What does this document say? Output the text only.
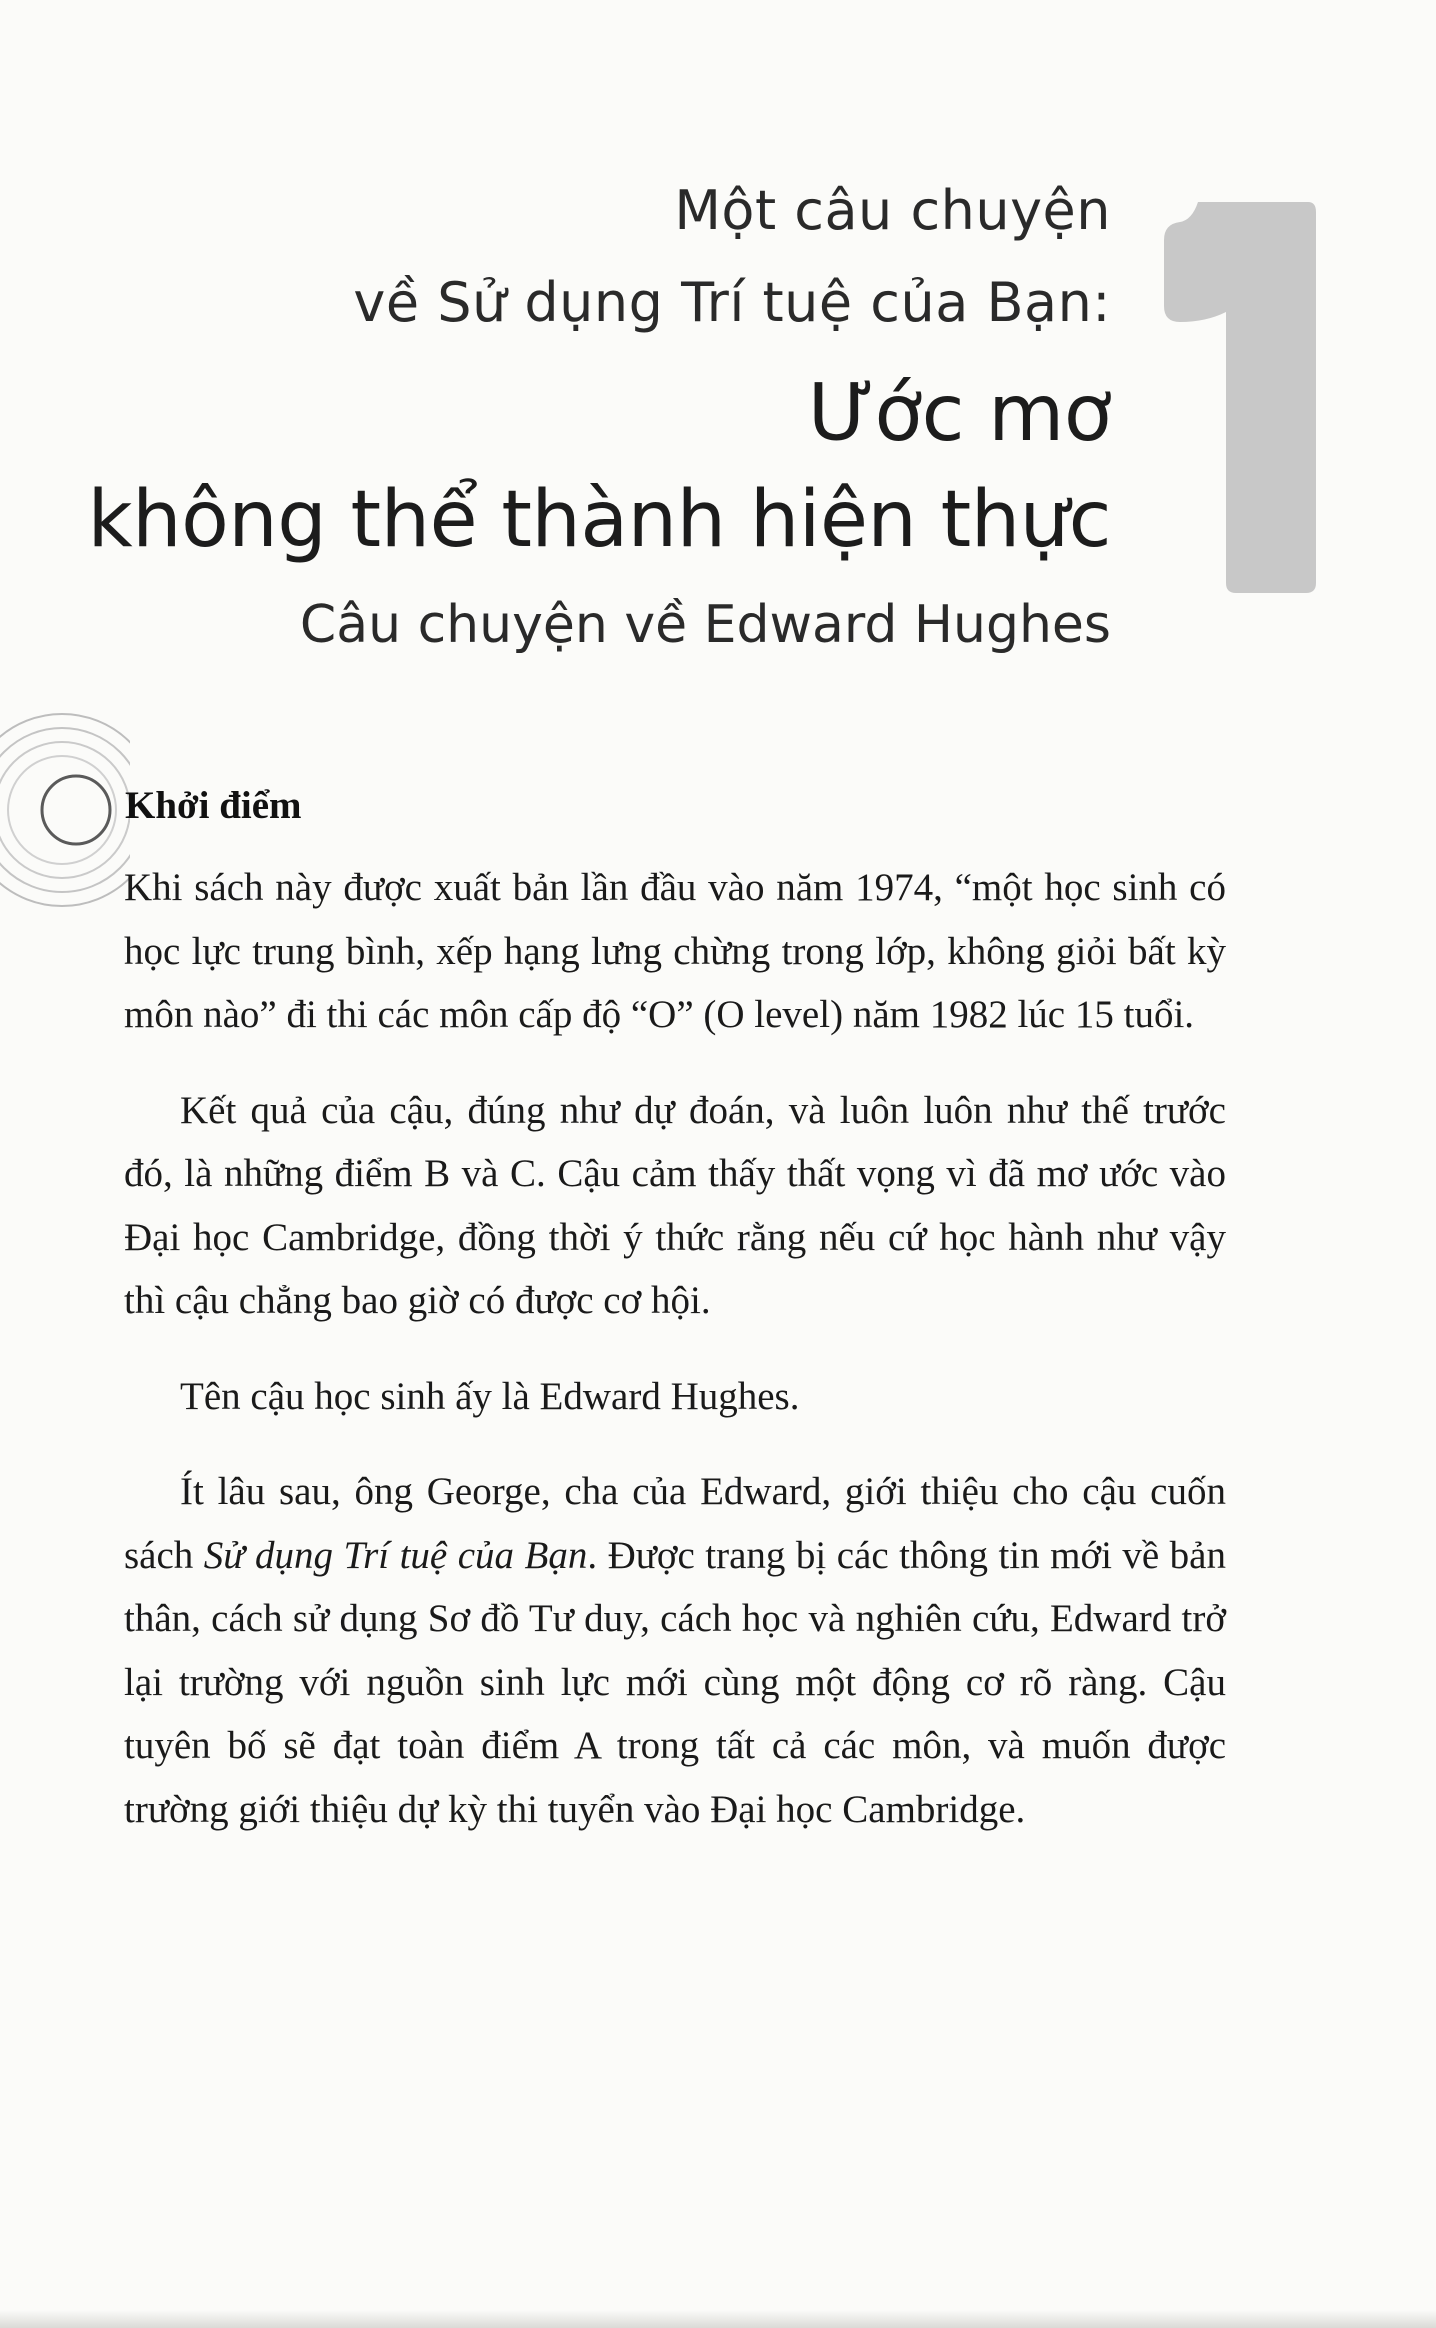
1
Một câu chuyện
về Sử dụng Trí tuệ của Bạn:
Ước mơ
không thể thành hiện thực
Câu chuyện về Edward Hughes
Khởi điểm

Khi sách này được xuất bản lần đầu vào năm 1974, “một học sinh có học lực trung bình, xếp hạng lưng chừng trong lớp, không giỏi bất kỳ môn nào” đi thi các môn cấp độ “O” (O level) năm 1982 lúc 15 tuổi.

Kết quả của cậu, đúng như dự đoán, và luôn luôn như thế trước đó, là những điểm B và C. Cậu cảm thấy thất vọng vì đã mơ ước vào Đại học Cambridge, đồng thời ý thức rằng nếu cứ học hành như vậy thì cậu chẳng bao giờ có được cơ hội.

Tên cậu học sinh ấy là Edward Hughes.

Ít lâu sau, ông George, cha của Edward, giới thiệu cho cậu cuốn sách Sử dụng Trí tuệ của Bạn. Được trang bị các thông tin mới về bản thân, cách sử dụng Sơ đồ Tư duy, cách học và nghiên cứu, Edward trở lại trường với nguồn sinh lực mới cùng một động cơ rõ ràng. Cậu tuyên bố sẽ đạt toàn điểm A trong tất cả các môn, và muốn được trường giới thiệu dự kỳ thi tuyển vào Đại học Cambridge.
